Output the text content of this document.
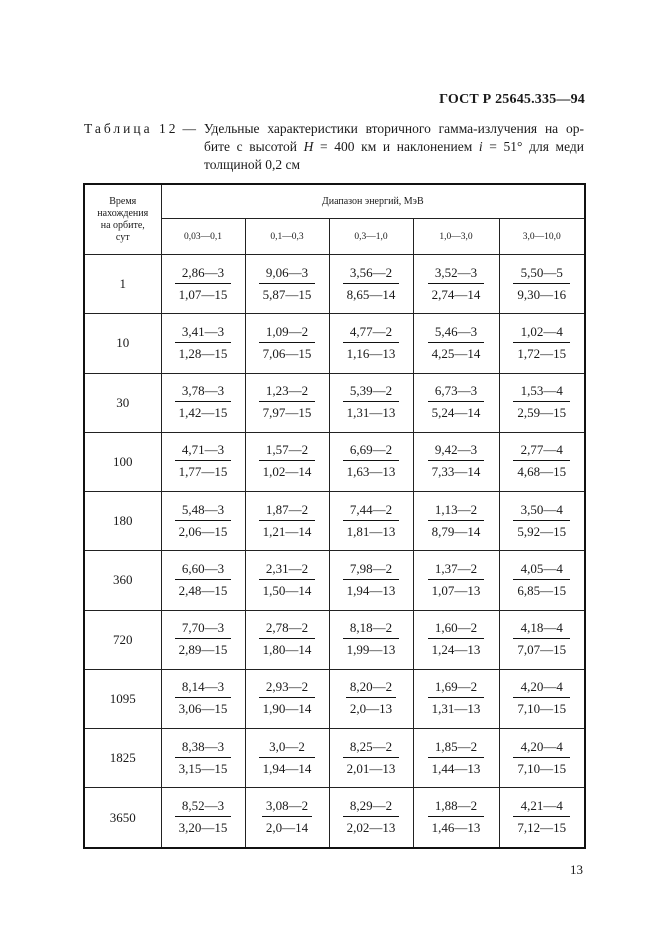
ГОСТ Р 25645.335—94
Таблица 12 — Удельные характеристики вторичного гамма-излучения на ор-
бите с высотой H = 400 км и наклонением i = 51° для меди
толщиной 0,2 см
Время
нахождения
на орбите,
сут	Диапазон энергий, МэВ				
	0,03—0,1	0,1—0,3	0,3—1,0	1,0—3,0	3,0—10,0
1	$\frac{2,86—3}{1,07—15}$	$\frac{9,06—3}{5,87—15}$	$\frac{3,56—2}{8,65—14}$	$\frac{3,52—3}{2,74—14}$	$\frac{5,50—5}{9,30—16}$

10	$\frac{3,41—3}{1,28—15}$	$\frac{1,09—2}{7,06—15}$	$\frac{4,77—2}{1,16—13}$	$\frac{5,46—3}{4,25—14}$	$\frac{1,02—4}{1,72—15}$

30	$\frac{3,78—3}{1,42—15}$	$\frac{1,23—2}{7,97—15}$	$\frac{5,39—2}{1,31—13}$	$\frac{6,73—3}{5,24—14}$	$\frac{1,53—4}{2,59—15}$

100	$\frac{4,71—3}{1,77—15}$	$\frac{1,57—2}{1,02—14}$	$\frac{6,69—2}{1,63—13}$	$\frac{9,42—3}{7,33—14}$	$\frac{2,77—4}{4,68—15}$

180	$\frac{5,48—3}{2,06—15}$	$\frac{1,87—2}{1,21—14}$	$\frac{7,44—2}{1,81—13}$	$\frac{1,13—2}{8,79—14}$	$\frac{3,50—4}{5,92—15}$

360	$\frac{6,60—3}{2,48—15}$	$\frac{2,31—2}{1,50—14}$	$\frac{7,98—2}{1,94—13}$	$\frac{1,37—2}{1,07—13}$	$\frac{4,05—4}{6,85—15}$

720	$\frac{7,70—3}{2,89—15}$	$\frac{2,78—2}{1,80—14}$	$\frac{8,18—2}{1,99—13}$	$\frac{1,60—2}{1,24—13}$	$\frac{4,18—4}{7,07—15}$

1095	$\frac{8,14—3}{3,06—15}$	$\frac{2,93—2}{1,90—14}$	$\frac{8,20—2}{2,0—13}$	$\frac{1,69—2}{1,31—13}$	$\frac{4,20—4}{7,10—15}$

1825	$\frac{8,38—3}{3,15—15}$	$\frac{3,0—2}{1,94—14}$	$\frac{8,25—2}{2,01—13}$	$\frac{1,85—2}{1,44—13}$	$\frac{4,20—4}{7,10—15}$

3650	$\frac{8,52—3}{3,20—15}$	$\frac{3,08—2}{2,0—14}$	$\frac{8,29—2}{2,02—13}$	$\frac{1,88—2}{1,46—13}$	$\frac{4,21—4}{7,12—15}$
13
